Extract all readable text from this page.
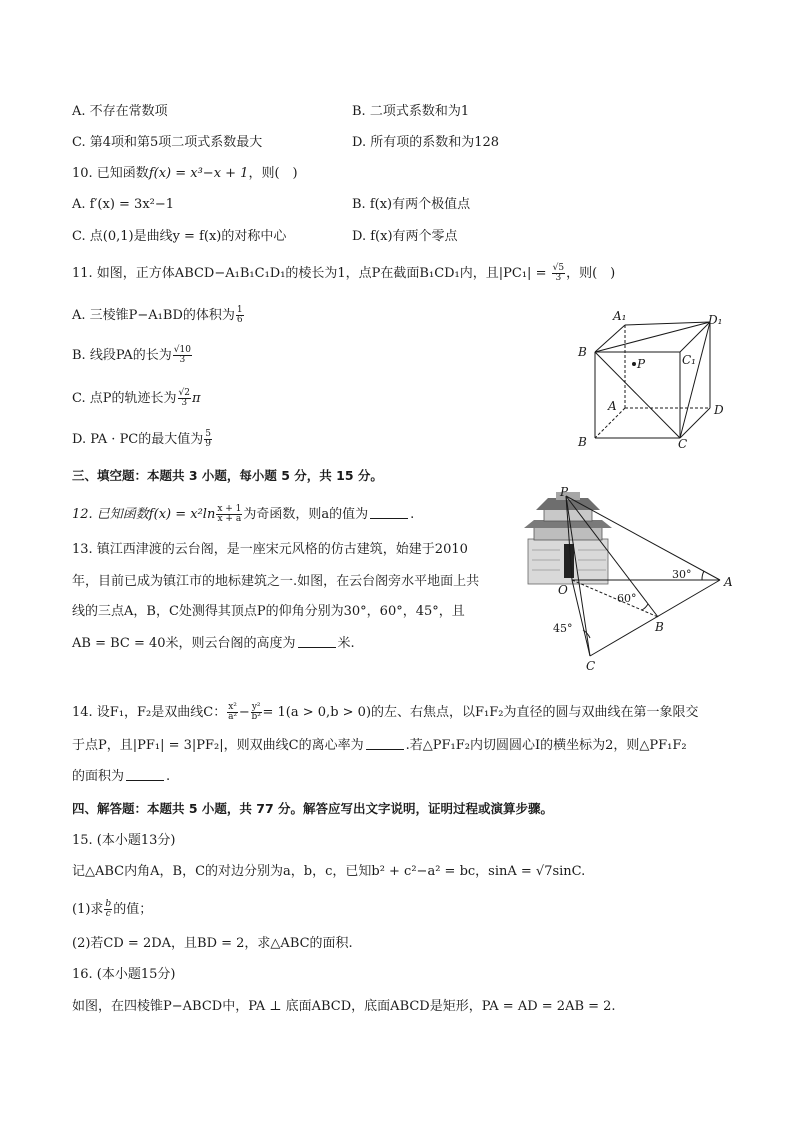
A. 不存在常数项	B. 二项式系数和为1
C. 第4项和第5项二项式系数最大	D. 所有项的系数和为128
10. 已知函数f(x) = x³−x + 1，则(　)
A. f′(x) = 3x²−1	B. f(x)有两个极值点
C. 点(0,1)是曲线y = f(x)的对称中心	D. f(x)有两个零点
11. 如图，正方体ABCD−A₁B₁C₁D₁的棱长为1，点P在截面B₁CD₁内，且$|PC_1| = \frac{√5}{3}$ ，则(　)
A. 三棱锥P−A₁BD的体积为 $\frac{1}{6}$
B. 线段PA的长为 $\frac{√10}{3}$
C. 点P的轨迹长为 $\frac{√2}{3}$ π
D. PA · PC的最大值为 $\frac{5}{9}$
A₁	D₁
B
C₁
P
A	D
B	C
三、填空题：本题共 3 小题，每小题 5 分，共 15 分。
12. 已知函数$f(x) = x^2\ln \frac{x + 1}{x + a}$ 为奇函数，则a的值为	.
13. 镇江西津渡的云台阁，是一座宋元风格的仿古建筑，始建于2010
年，目前已成为镇江市的地标建筑之一.如图，在云台阁旁水平地面上共
线的三点A，B，C处测得其顶点P的仰角分别为30°，60°，45°，且
AB = BC = 40米，则云台阁的高度为	米.
P
O
A
B
C
30°
60°
45°
14. 设F₁，F₂是双曲线C： $\frac{\text{x²}}{\text{a²}} - \frac{\text{y²}}{\text{b²}} = 1(a > 0,b > 0)$的左、右焦点，以F₁F₂为直径的圆与双曲线在第一象限交
于点P，且|PF₁| = 3|PF₂|，则双曲线C的离心率为	.若△PF₁F₂内切圆圆心I的横坐标为2，则△PF₁F₂
的面积为	.
四、解答题：本题共 5 小题，共 77 分。解答应写出文字说明，证明过程或演算步骤。
15. (本小题13分)
记△ABC内角A，B，C的对边分别为a，b，c，已知b² + c²−a² = bc，sinA = √7sinC.
(1)求 $\frac{b}{c}$ 的值；
(2)若CD = 2DA，且BD = 2，求△ABC的面积.
16. (本小题15分)
如图，在四棱锥P−ABCD中，PA ⊥ 底面ABCD，底面ABCD是矩形，PA = AD = 2AB = 2.
